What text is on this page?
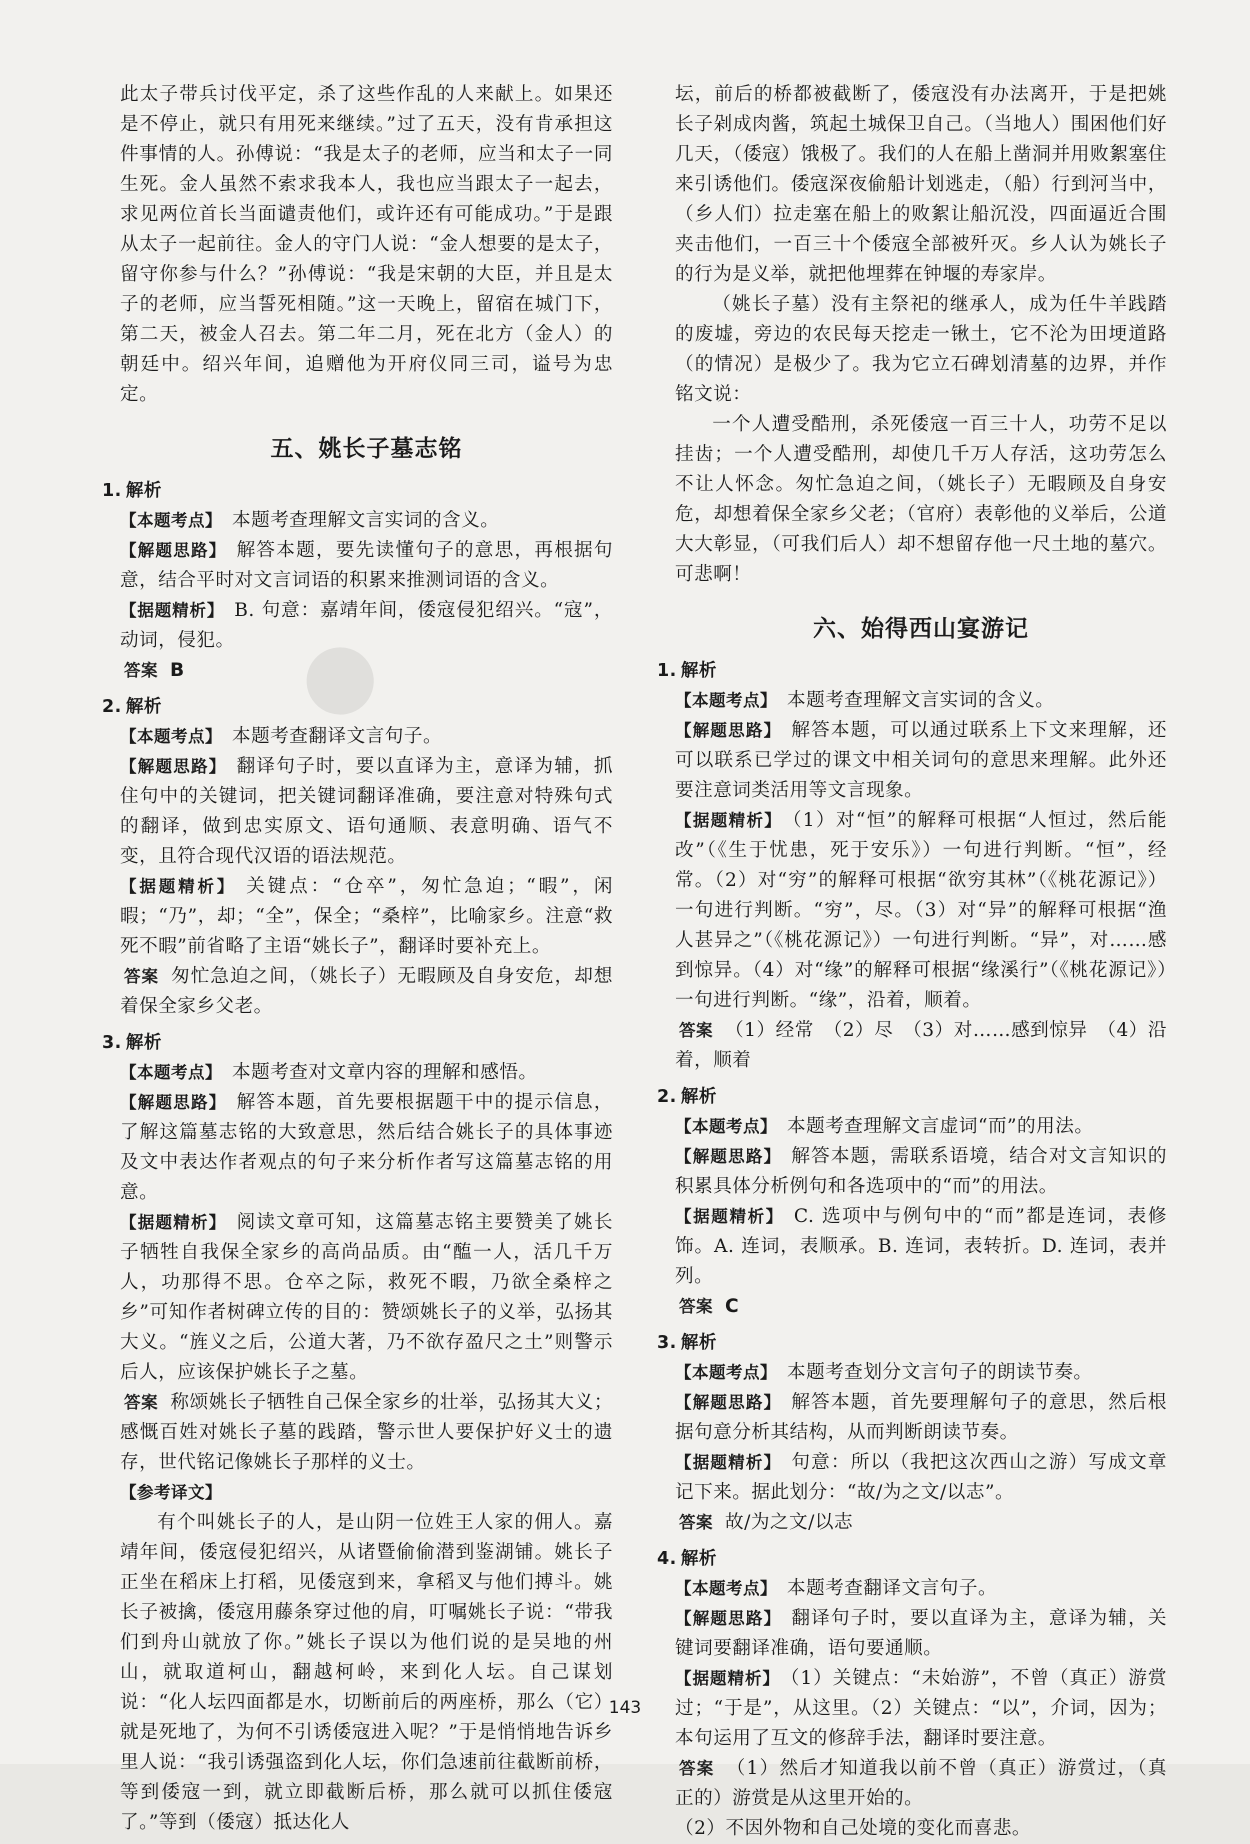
●

此太子带兵讨伐平定，杀了这些作乱的人来献上。如果还是不停止，就只有用死来继续。”过了五天，没有肯承担这件事情的人。孙傅说：“我是太子的老师，应当和太子一同生死。金人虽然不索求我本人，我也应当跟太子一起去，求见两位首长当面谴责他们，或许还有可能成功。”于是跟从太子一起前往。金人的守门人说：“金人想要的是太子，留守你参与什么？”孙傅说：“我是宋朝的大臣，并且是太子的老师，应当誓死相随。”这一天晚上，留宿在城门下，第二天，被金人召去。第二年二月，死在北方（金人）的朝廷中。绍兴年间，追赠他为开府仪同三司，谥号为忠定。

五、姚长子墓志铭
1. 解析

【本题考点】 本题考查理解文言实词的含义。

【解题思路】 解答本题，要先读懂句子的意思，再根据句意，结合平时对文言词语的积累来推测词语的含义。

【据题精析】 B. 句意：嘉靖年间，倭寇侵犯绍兴。“寇”，动词，侵犯。

答案 B

2. 解析

【本题考点】 本题考查翻译文言句子。

【解题思路】 翻译句子时，要以直译为主，意译为辅，抓住句中的关键词，把关键词翻译准确，要注意对特殊句式的翻译，做到忠实原文、语句通顺、表意明确、语气不变，且符合现代汉语的语法规范。

【据题精析】 关键点：“仓卒”，匆忙急迫；“暇”，闲暇；“乃”，却；“全”，保全；“桑梓”，比喻家乡。注意“救死不暇”前省略了主语“姚长子”，翻译时要补充上。

答案 匆忙急迫之间，（姚长子）无暇顾及自身安危，却想着保全家乡父老。

3. 解析

【本题考点】 本题考查对文章内容的理解和感悟。

【解题思路】 解答本题，首先要根据题干中的提示信息，了解这篇墓志铭的大致意思，然后结合姚长子的具体事迹及文中表达作者观点的句子来分析作者写这篇墓志铭的用意。

【据题精析】 阅读文章可知，这篇墓志铭主要赞美了姚长子牺牲自我保全家乡的高尚品质。由“醢一人，活几千万人，功那得不思。仓卒之际，救死不暇，乃欲全桑梓之乡”可知作者树碑立传的目的：赞颂姚长子的义举，弘扬其大义。“旌义之后，公道大著，乃不欲存盈尺之土”则警示后人，应该保护姚长子之墓。

答案 称颂姚长子牺牲自己保全家乡的壮举，弘扬其大义；感慨百姓对姚长子墓的践踏，警示世人要保护好义士的遗存，世代铭记像姚长子那样的义士。

【参考译文】

有个叫姚长子的人，是山阴一位姓王人家的佣人。嘉靖年间，倭寇侵犯绍兴，从诸暨偷偷潜到鉴湖铺。姚长子正坐在稻床上打稻，见倭寇到来，拿稻叉与他们搏斗。姚长子被擒，倭寇用藤条穿过他的肩，叮嘱姚长子说：“带我们到舟山就放了你。”姚长子误以为他们说的是吴地的州山，就取道柯山，翻越柯岭，来到化人坛。自己谋划说：“化人坛四面都是水，切断前后的两座桥，那么（它）就是死地了，为何不引诱倭寇进入呢？”于是悄悄地告诉乡里人说：“我引诱强盗到化人坛，你们急速前往截断前桥，等到倭寇一到，就立即截断后桥，那么就可以抓住倭寇了。”等到（倭寇）抵达化人

坛，前后的桥都被截断了，倭寇没有办法离开，于是把姚长子剁成肉酱，筑起土城保卫自己。（当地人）围困他们好几天，（倭寇）饿极了。我们的人在船上凿洞并用败絮塞住来引诱他们。倭寇深夜偷船计划逃走，（船）行到河当中，（乡人们）拉走塞在船上的败絮让船沉没，四面逼近合围夹击他们，一百三十个倭寇全部被歼灭。乡人认为姚长子的行为是义举，就把他埋葬在钟堰的寿家岸。

（姚长子墓）没有主祭祀的继承人，成为任牛羊践踏的废墟，旁边的农民每天挖走一锹土，它不沦为田埂道路（的情况）是极少了。我为它立石碑划清墓的边界，并作铭文说：

一个人遭受酷刑，杀死倭寇一百三十人，功劳不足以挂齿；一个人遭受酷刑，却使几千万人存活，这功劳怎么不让人怀念。匆忙急迫之间，（姚长子）无暇顾及自身安危，却想着保全家乡父老；（官府）表彰他的义举后，公道大大彰显，（可我们后人）却不想留存他一尺土地的墓穴。可悲啊！

六、始得西山宴游记
1. 解析

【本题考点】 本题考查理解文言实词的含义。

【解题思路】 解答本题，可以通过联系上下文来理解，还可以联系已学过的课文中相关词句的意思来理解。此外还要注意词类活用等文言现象。

【据题精析】 （1）对“恒”的解释可根据“人恒过，然后能改”（《生于忧患，死于安乐》）一句进行判断。“恒”，经常。（2）对“穷”的解释可根据“欲穷其林”（《桃花源记》）一句进行判断。“穷”，尽。（3）对“异”的解释可根据“渔人甚异之”（《桃花源记》）一句进行判断。“异”，对……感到惊异。（4）对“缘”的解释可根据“缘溪行”（《桃花源记》）一句进行判断。“缘”，沿着，顺着。

答案 （1）经常　（2）尽　（3）对……感到惊异　（4）沿着，顺着

2. 解析

【本题考点】 本题考查理解文言虚词“而”的用法。

【解题思路】 解答本题，需联系语境，结合对文言知识的积累具体分析例句和各选项中的“而”的用法。

【据题精析】 C. 选项中与例句中的“而”都是连词，表修饰。A. 连词，表顺承。B. 连词，表转折。D. 连词，表并列。

答案 C

3. 解析

【本题考点】 本题考查划分文言句子的朗读节奏。

【解题思路】 解答本题，首先要理解句子的意思，然后根据句意分析其结构，从而判断朗读节奏。

【据题精析】 句意：所以（我把这次西山之游）写成文章记下来。据此划分：“故/为之文/以志”。

答案 故/为之文/以志

4. 解析

【本题考点】 本题考查翻译文言句子。

【解题思路】 翻译句子时，要以直译为主，意译为辅，关键词要翻译准确，语句要通顺。

【据题精析】 （1）关键点：“未始游”，不曾（真正）游赏过；“于是”，从这里。（2）关键点：“以”，介词，因为；本句运用了互文的修辞手法，翻译时要注意。

答案 （1）然后才知道我以前不曾（真正）游赏过，（真正的）游赏是从这里开始的。

（2）不因外物和自己处境的变化而喜悲。

143
